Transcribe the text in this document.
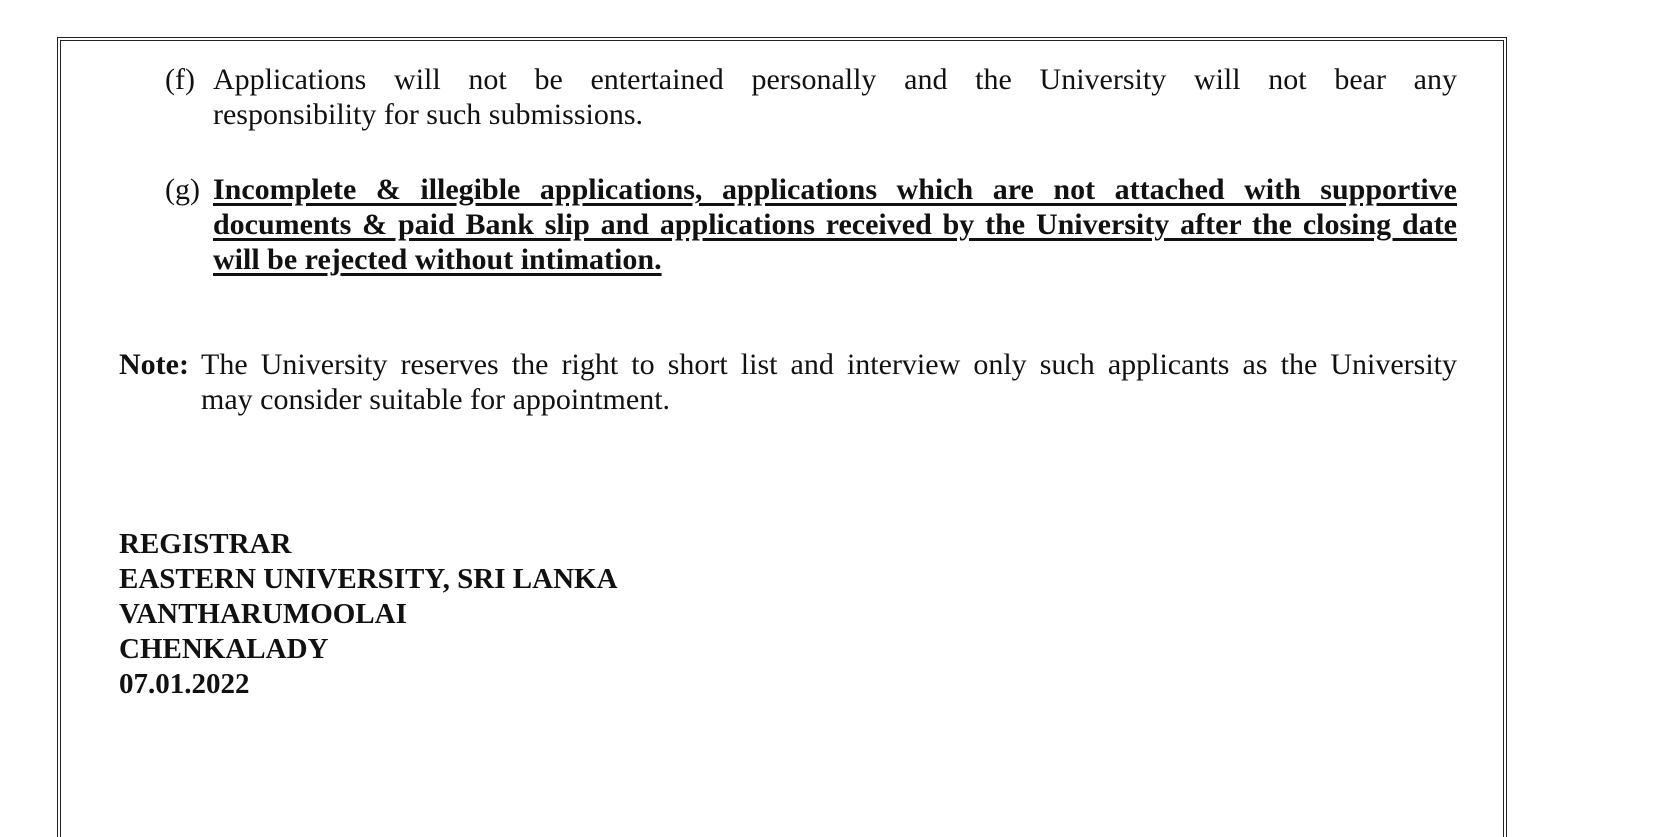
(f) Applications will not be entertained personally and the University will not bear any
responsibility for such submissions.
(g) Incomplete & illegible applications, applications which are not attached with supportive
documents & paid Bank slip and applications received by the University after the closing date
will be rejected without intimation.
Note: The University reserves the right to short list and interview only such applicants as the University
may consider suitable for appointment.
REGISTRAR
EASTERN UNIVERSITY, SRI LANKA
VANTHARUMOOLAI
CHENKALADY
07.01.2022
